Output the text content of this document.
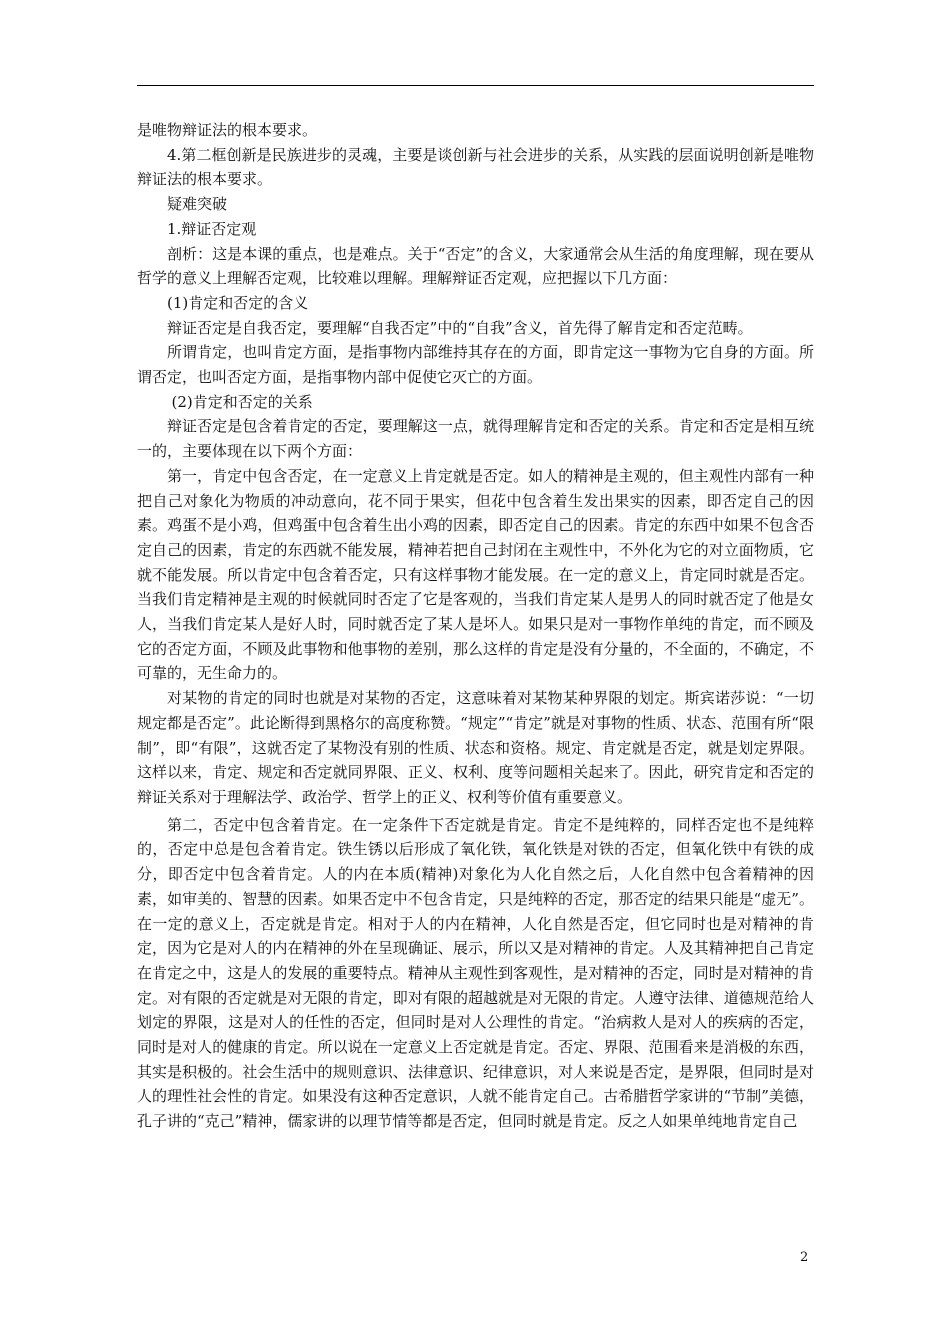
是唯物辩证法的根本要求。

4.第二框创新是民族进步的灵魂，主要是谈创新与社会进步的关系，从实践的层面说明创新是唯物辩证法的根本要求。

疑难突破

1.辩证否定观

剖析：这是本课的重点，也是难点。关于“否定”的含义，大家通常会从生活的角度理解，现在要从哲学的意义上理解否定观，比较难以理解。理解辩证否定观，应把握以下几方面：

(1)肯定和否定的含义

辩证否定是自我否定，要理解“自我否定”中的“自我”含义，首先得了解肯定和否定范畴。

所谓肯定，也叫肯定方面，是指事物内部维持其存在的方面，即肯定这一事物为它自身的方面。所谓否定，也叫否定方面，是指事物内部中促使它灭亡的方面。

(2)肯定和否定的关系

辩证否定是包含着肯定的否定，要理解这一点，就得理解肯定和否定的关系。肯定和否定是相互统一的，主要体现在以下两个方面：

第一，肯定中包含否定，在一定意义上肯定就是否定。如人的精神是主观的，但主观性内部有一种把自己对象化为物质的冲动意向，花不同于果实，但花中包含着生发出果实的因素，即否定自己的因素。鸡蛋不是小鸡，但鸡蛋中包含着生出小鸡的因素，即否定自己的因素。肯定的东西中如果不包含否定自己的因素，肯定的东西就不能发展，精神若把自己封闭在主观性中，不外化为它的对立面物质，它就不能发展。所以肯定中包含着否定，只有这样事物才能发展。在一定的意义上，肯定同时就是否定。当我们肯定精神是主观的时候就同时否定了它是客观的，当我们肯定某人是男人的同时就否定了他是女人，当我们肯定某人是好人时，同时就否定了某人是坏人。如果只是对一事物作单纯的肯定，而不顾及它的否定方面，不顾及此事物和他事物的差别，那么这样的肯定是没有分量的，不全面的，不确定，不可靠的，无生命力的。

对某物的肯定的同时也就是对某物的否定，这意味着对某物某种界限的划定。斯宾诺莎说：“一切规定都是否定”。此论断得到黑格尔的高度称赞。“规定”“肯定”就是对事物的性质、状态、范围有所“限制”，即“有限”，这就否定了某物没有别的性质、状态和资格。规定、肯定就是否定，就是划定界限。这样以来，肯定、规定和否定就同界限、正义、权利、度等问题相关起来了。因此，研究肯定和否定的辩证关系对于理解法学、政治学、哲学上的正义、权利等价值有重要意义。

第二，否定中包含着肯定。在一定条件下否定就是肯定。肯定不是纯粹的，同样否定也不是纯粹的，否定中总是包含着肯定。铁生锈以后形成了氧化铁，氧化铁是对铁的否定，但氧化铁中有铁的成分，即否定中包含着肯定。人的内在本质(精神)对象化为人化自然之后，人化自然中包含着精神的因素，如审美的、智慧的因素。如果否定中不包含肯定，只是纯粹的否定，那否定的结果只能是“虚无”。在一定的意义上，否定就是肯定。相对于人的内在精神，人化自然是否定，但它同时也是对精神的肯定，因为它是对人的内在精神的外在呈现确证、展示，所以又是对精神的肯定。人及其精神把自己肯定在肯定之中，这是人的发展的重要特点。精神从主观性到客观性，是对精神的否定，同时是对精神的肯定。对有限的否定就是对无限的肯定，即对有限的超越就是对无限的肯定。人遵守法律、道德规范给人划定的界限，这是对人的任性的否定，但同时是对人公理性的肯定。“治病救人是对人的疾病的否定，同时是对人的健康的肯定。所以说在一定意义上否定就是肯定。否定、界限、范围看来是消极的东西，其实是积极的。社会生活中的规则意识、法律意识、纪律意识，对人来说是否定，是界限，但同时是对人的理性社会性的肯定。如果没有这种否定意识，人就不能肯定自己。古希腊哲学家讲的“节制”美德，孔子讲的“克己”精神，儒家讲的以理节情等都是否定，但同时就是肯定。反之人如果单纯地肯定自己

2
